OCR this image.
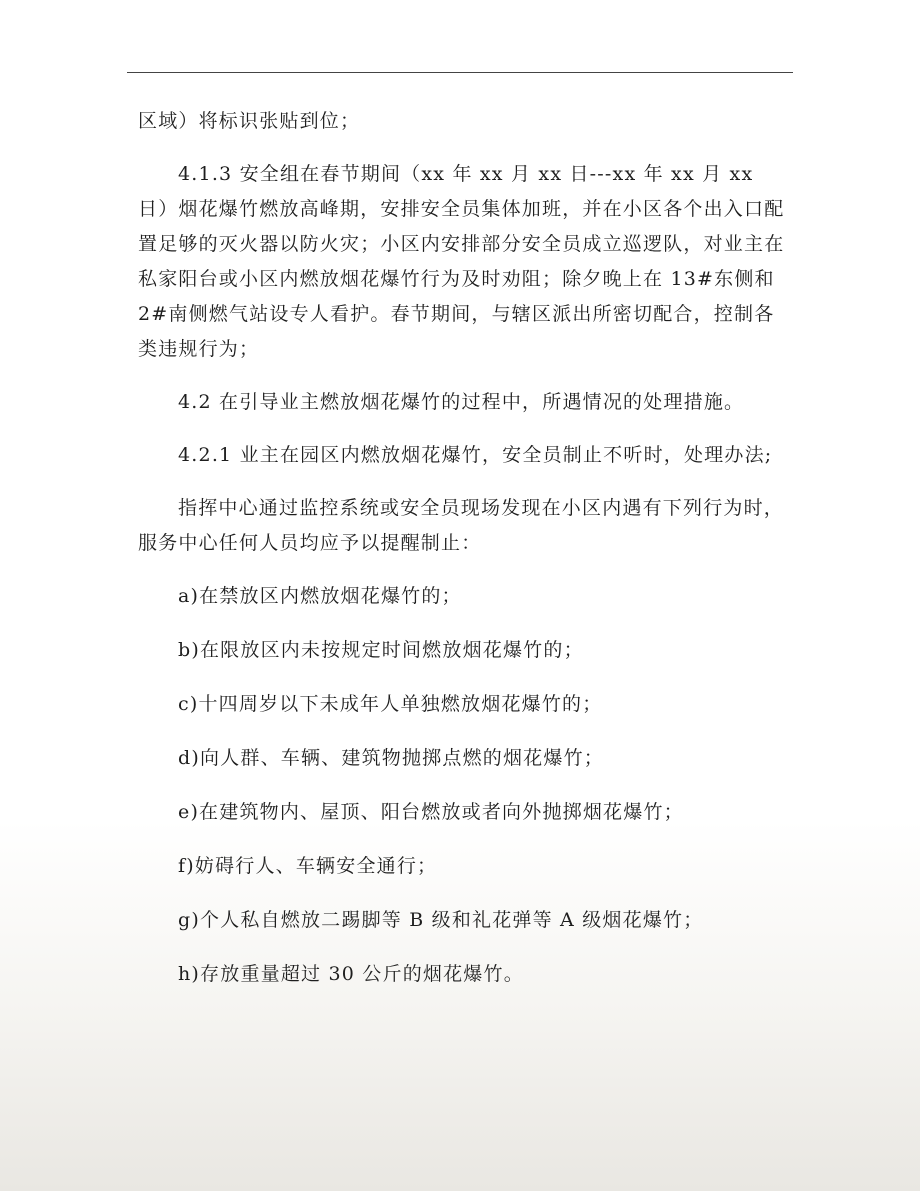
区域）将标识张贴到位；

4.1.3 安全组在春节期间（xx 年 xx 月 xx 日---xx 年 xx 月 xx 日）烟花爆竹燃放高峰期，安排安全员集体加班，并在小区各个出入口配置足够的灭火器以防火灾；小区内安排部分安全员成立巡逻队，对业主在私家阳台或小区内燃放烟花爆竹行为及时劝阻；除夕晚上在 13#东侧和 2#南侧燃气站设专人看护。春节期间，与辖区派出所密切配合，控制各类违规行为；

4.2 在引导业主燃放烟花爆竹的过程中，所遇情况的处理措施。

4.2.1 业主在园区内燃放烟花爆竹，安全员制止不听时，处理办法;

指挥中心通过监控系统或安全员现场发现在小区内遇有下列行为时，服务中心任何人员均应予以提醒制止：

a)在禁放区内燃放烟花爆竹的；

b)在限放区内未按规定时间燃放烟花爆竹的；

c)十四周岁以下未成年人单独燃放烟花爆竹的；

d)向人群、车辆、建筑物抛掷点燃的烟花爆竹；

e)在建筑物内、屋顶、阳台燃放或者向外抛掷烟花爆竹；

f)妨碍行人、车辆安全通行；

g)个人私自燃放二踢脚等 B 级和礼花弹等 A 级烟花爆竹；

h)存放重量超过 30 公斤的烟花爆竹。
